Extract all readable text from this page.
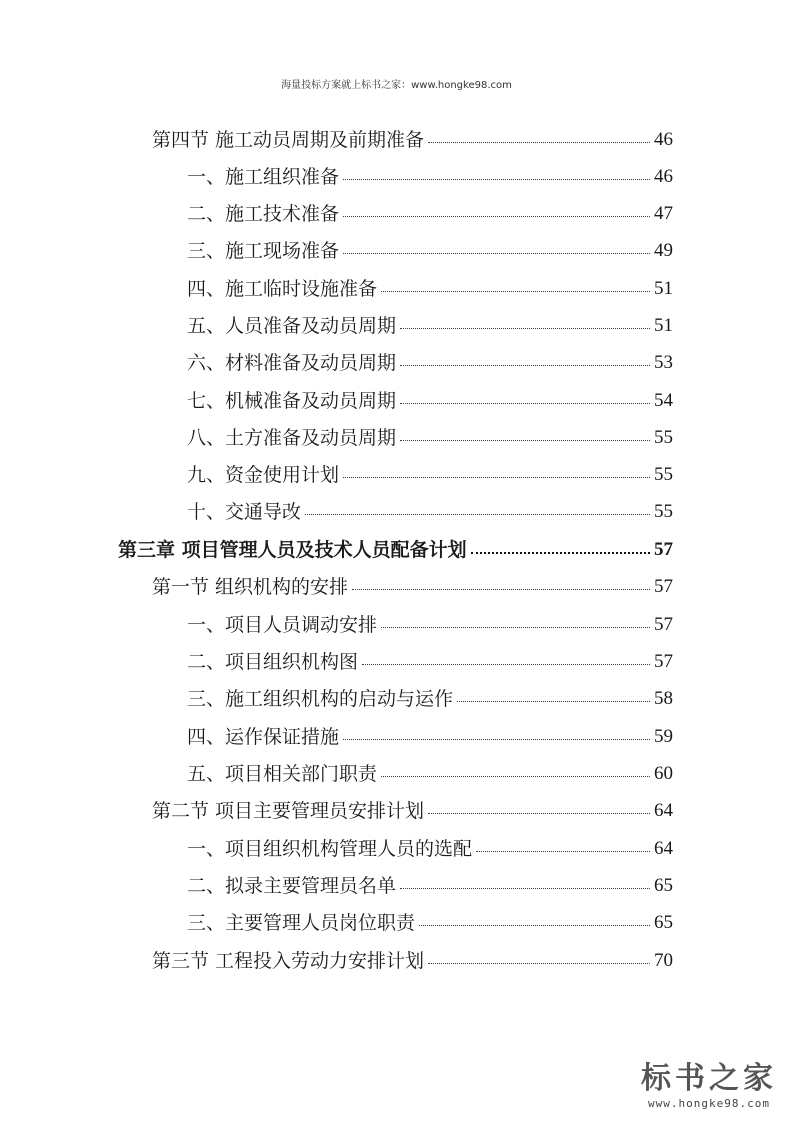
海量投标方案就上标书之家：www.hongke98.com
第四节 施工动员周期及前期准备	46
一、施工组织准备	46
二、施工技术准备	47
三、施工现场准备	49
四、施工临时设施准备	51
五、人员准备及动员周期	51
六、材料准备及动员周期	53
七、机械准备及动员周期	54
八、土方准备及动员周期	55
九、资金使用计划	55
十、交通导改	55
第三章 项目管理人员及技术人员配备计划	57
第一节 组织机构的安排	57
一、项目人员调动安排	57
二、项目组织机构图	57
三、施工组织机构的启动与运作	58
四、运作保证措施	59
五、项目相关部门职责	60
第二节 项目主要管理员安排计划	64
一、项目组织机构管理人员的选配	64
二、拟录主要管理员名单	65
三、主要管理人员岗位职责	65
第三节 工程投入劳动力安排计划	70
标书之家
www.hongke98.com
